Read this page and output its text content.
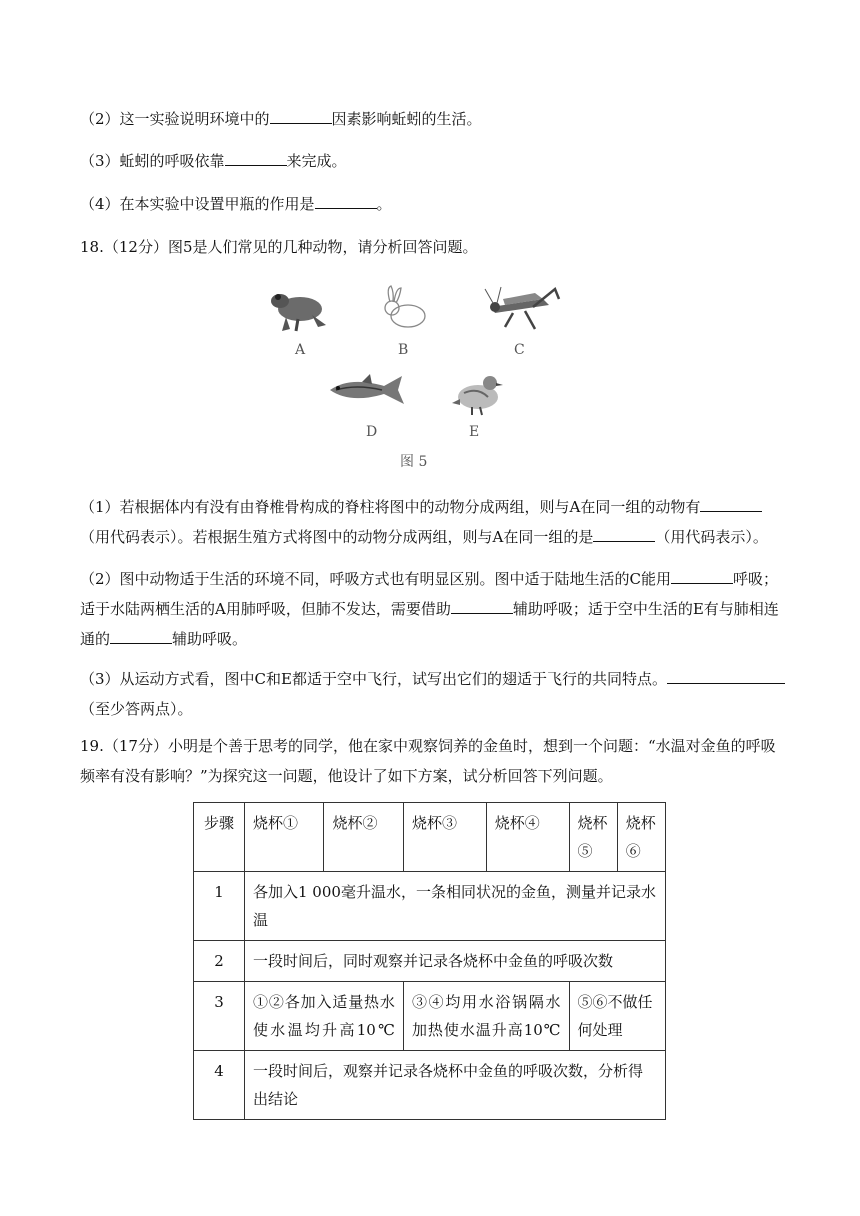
（2）这一实验说明环境中的	因素影响蚯蚓的生活。
（3）蚯蚓的呼吸依靠	来完成。
（4）在本实验中设置甲瓶的作用是	。
18.（12分）图5是人们常见的几种动物，请分析回答问题。
A	B	C
D	E
图 5
（1）若根据体内有没有由脊椎骨构成的脊柱将图中的动物分成两组，则与A在同一组的动物有（用代码表示）。若根据生殖方式将图中的动物分成两组，则与A在同一组的是	（用代码表示）。
（2）图中动物适于生活的环境不同，呼吸方式也有明显区别。图中适于陆地生活的C能用	呼吸；适于水陆两栖生活的A用肺呼吸，但肺不发达，需要借助	辅助呼吸；适于空中生活的E有与肺相连通的	辅助呼吸。
（3）从运动方式看，图中C和E都适于空中飞行，试写出它们的翅适于飞行的共同特点。（至少答两点）。
19.（17分）小明是个善于思考的同学，他在家中观察饲养的金鱼时，想到一个问题：“水温对金鱼的呼吸频率有没有影响？”为探究这一问题，他设计了如下方案，试分析回答下列问题。
步骤	烧杯①	烧杯②	烧杯③	烧杯④	烧杯⑤	烧杯⑥
1	各加入1 000毫升温水，一条相同状况的金鱼，测量并记录水温					
2	一段时间后，同时观察并记录各烧杯中金鱼的呼吸次数					
3	①②各加入适量热水使水温均升高10℃		③④均用水浴锅隔水加热使水温升高10℃		⑤⑥不做任何处理	
4	一段时间后，观察并记录各烧杯中金鱼的呼吸次数，分析得出结论					
